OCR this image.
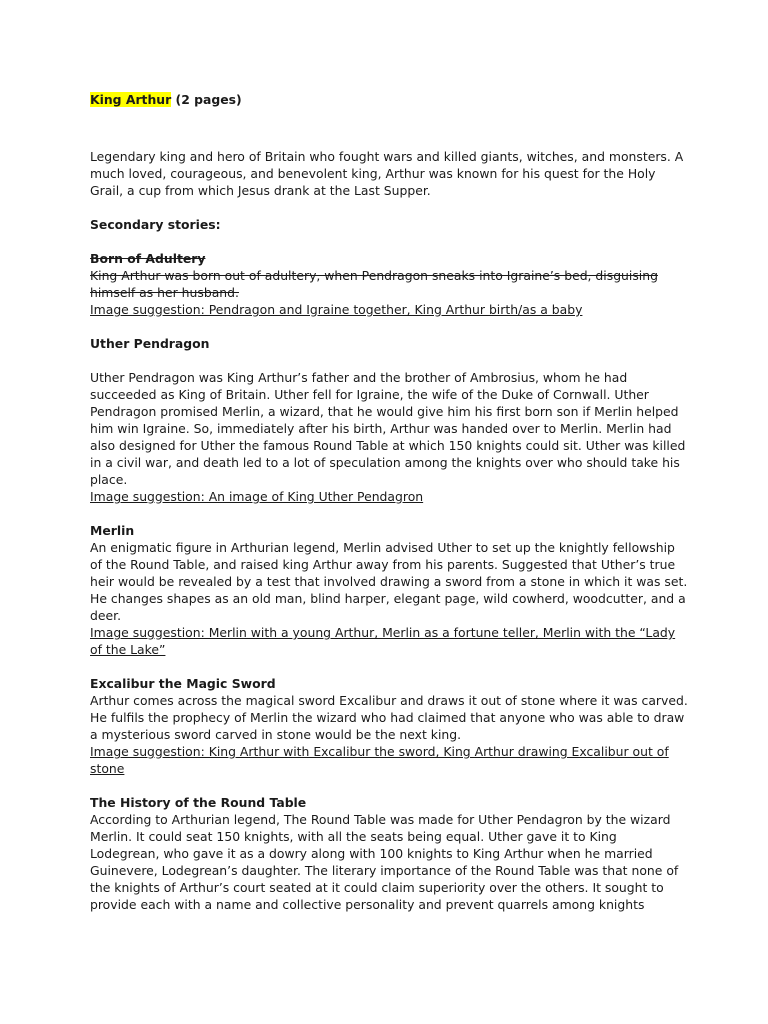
King Arthur (2 pages)

Legendary king and hero of Britain who fought wars and killed giants, witches, and monsters. A much loved, courageous, and benevolent king, Arthur was known for his quest for the Holy Grail, a cup from which Jesus drank at the Last Supper.

Secondary stories:

Born of Adultery

King Arthur was born out of adultery, when Pendragon sneaks into Igraine’s bed, disguising himself as her husband.

Image suggestion: Pendragon and Igraine together, King Arthur birth/as a baby

Uther Pendragon

Uther Pendragon was King Arthur’s father and the brother of Ambrosius, whom he had succeeded as King of Britain. Uther fell for Igraine, the wife of the Duke of Cornwall. Uther Pendragon promised Merlin, a wizard, that he would give him his first born son if Merlin helped him win Igraine. So, immediately after his birth, Arthur was handed over to Merlin. Merlin had also designed for Uther the famous Round Table at which 150 knights could sit. Uther was killed in a civil war, and death led to a lot of speculation among the knights over who should take his place.

Image suggestion: An image of King Uther Pendagron

Merlin

An enigmatic figure in Arthurian legend, Merlin advised Uther to set up the knightly fellowship of the Round Table, and raised king Arthur away from his parents. Suggested that Uther’s true heir would be revealed by a test that involved drawing a sword from a stone in which it was set. He changes shapes as an old man, blind harper, elegant page, wild cowherd, woodcutter, and a deer.

Image suggestion: Merlin with a young Arthur, Merlin as a fortune teller, Merlin with the “Lady of the Lake”

Excalibur the Magic Sword

Arthur comes across the magical sword Excalibur and draws it out of stone where it was carved. He fulfils the prophecy of Merlin the wizard who had claimed that anyone who was able to draw a mysterious sword carved in stone would be the next king.

Image suggestion: King Arthur with Excalibur the sword, King Arthur drawing Excalibur out of stone

The History of the Round Table

According to Arthurian legend, The Round Table was made for Uther Pendagron by the wizard Merlin. It could seat 150 knights, with all the seats being equal. Uther gave it to King Lodegrean, who gave it as a dowry along with 100 knights to King Arthur when he married Guinevere, Lodegrean’s daughter. The literary importance of the Round Table was that none of the knights of Arthur’s court seated at it could claim superiority over the others. It sought to provide each with a name and collective personality and prevent quarrels among knights
